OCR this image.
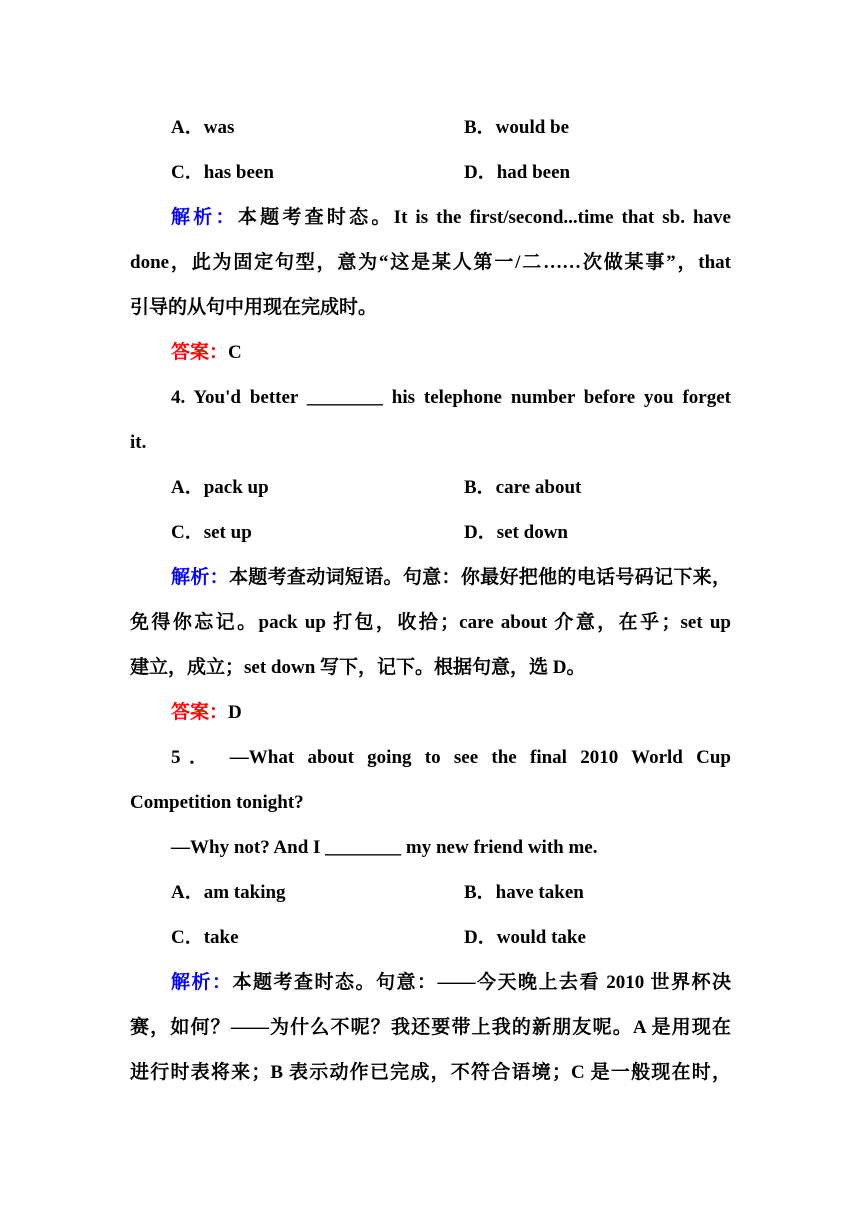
A．was	B．would be
C．has been	D．had been
解析：本题考查时态。It is the first/second...time that sb. have
done，此为固定句型，意为“这是某人第一/二……次做某事”，that
引导的从句中用现在完成时。
答案：C
4. You'd better ________ his telephone number before you forget
it.
A．pack up	B．care about
C．set up	D．set down
解析：本题考查动词短语。句意：你最好把他的电话号码记下来，
免得你忘记。pack up 打包，收拾；care about 介意，在乎；set up
建立，成立；set down 写下，记下。根据句意，选 D。
答案：D
5． —What about going to see the final 2010 World Cup
Competition tonight?
—Why not? And I ________ my new friend with me.
A．am taking	B．have taken
C．take	D．would take
解析：本题考查时态。句意：——今天晚上去看 2010 世界杯决
赛，如何？——为什么不呢？我还要带上我的新朋友呢。A 是用现在
进行时表将来；B 表示动作已完成，不符合语境；C 是一般现在时，
